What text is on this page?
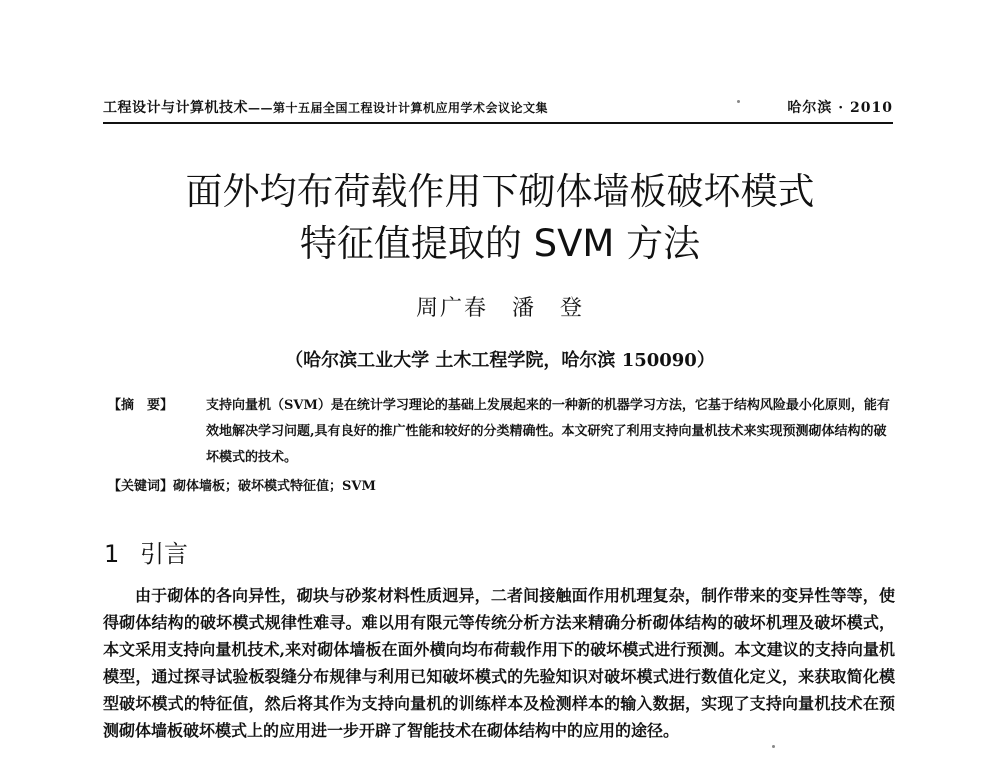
工程设计与计算机技术——第十五届全国工程设计计算机应用学术会议论文集	哈尔滨 · 2010
面外均布荷载作用下砌体墙板破坏模式
特征值提取的 SVM 方法
周广春　潘　登
（哈尔滨工业大学 土木工程学院，哈尔滨 150090）
【摘　要】	支持向量机（SVM）是在统计学习理论的基础上发展起来的一种新的机器学习方法，它基于结构风险最小化原则，能有效地解决学习问题,具有良好的推广性能和较好的分类精确性。本文研究了利用支持向量机技术来实现预测砌体结构的破坏模式的技术。
【关键词】砌体墙板；破坏模式特征值；SVM
1 引言

由于砌体的各向异性，砌块与砂浆材料性质迥异，二者间接触面作用机理复杂，制作带来的变异性等等，使得砌体结构的破坏模式规律性难寻。难以用有限元等传统分析方法来精确分析砌体结构的破坏机理及破坏模式，本文采用支持向量机技术,来对砌体墙板在面外横向均布荷载作用下的破坏模式进行预测。本文建议的支持向量机模型，通过探寻试验板裂缝分布规律与利用已知破坏模式的先验知识对破坏模式进行数值化定义，来获取简化模型破坏模式的特征值，然后将其作为支持向量机的训练样本及检测样本的输入数据，实现了支持向量机技术在预测砌体墙板破坏模式上的应用进一步开辟了智能技术在砌体结构中的应用的途径。
